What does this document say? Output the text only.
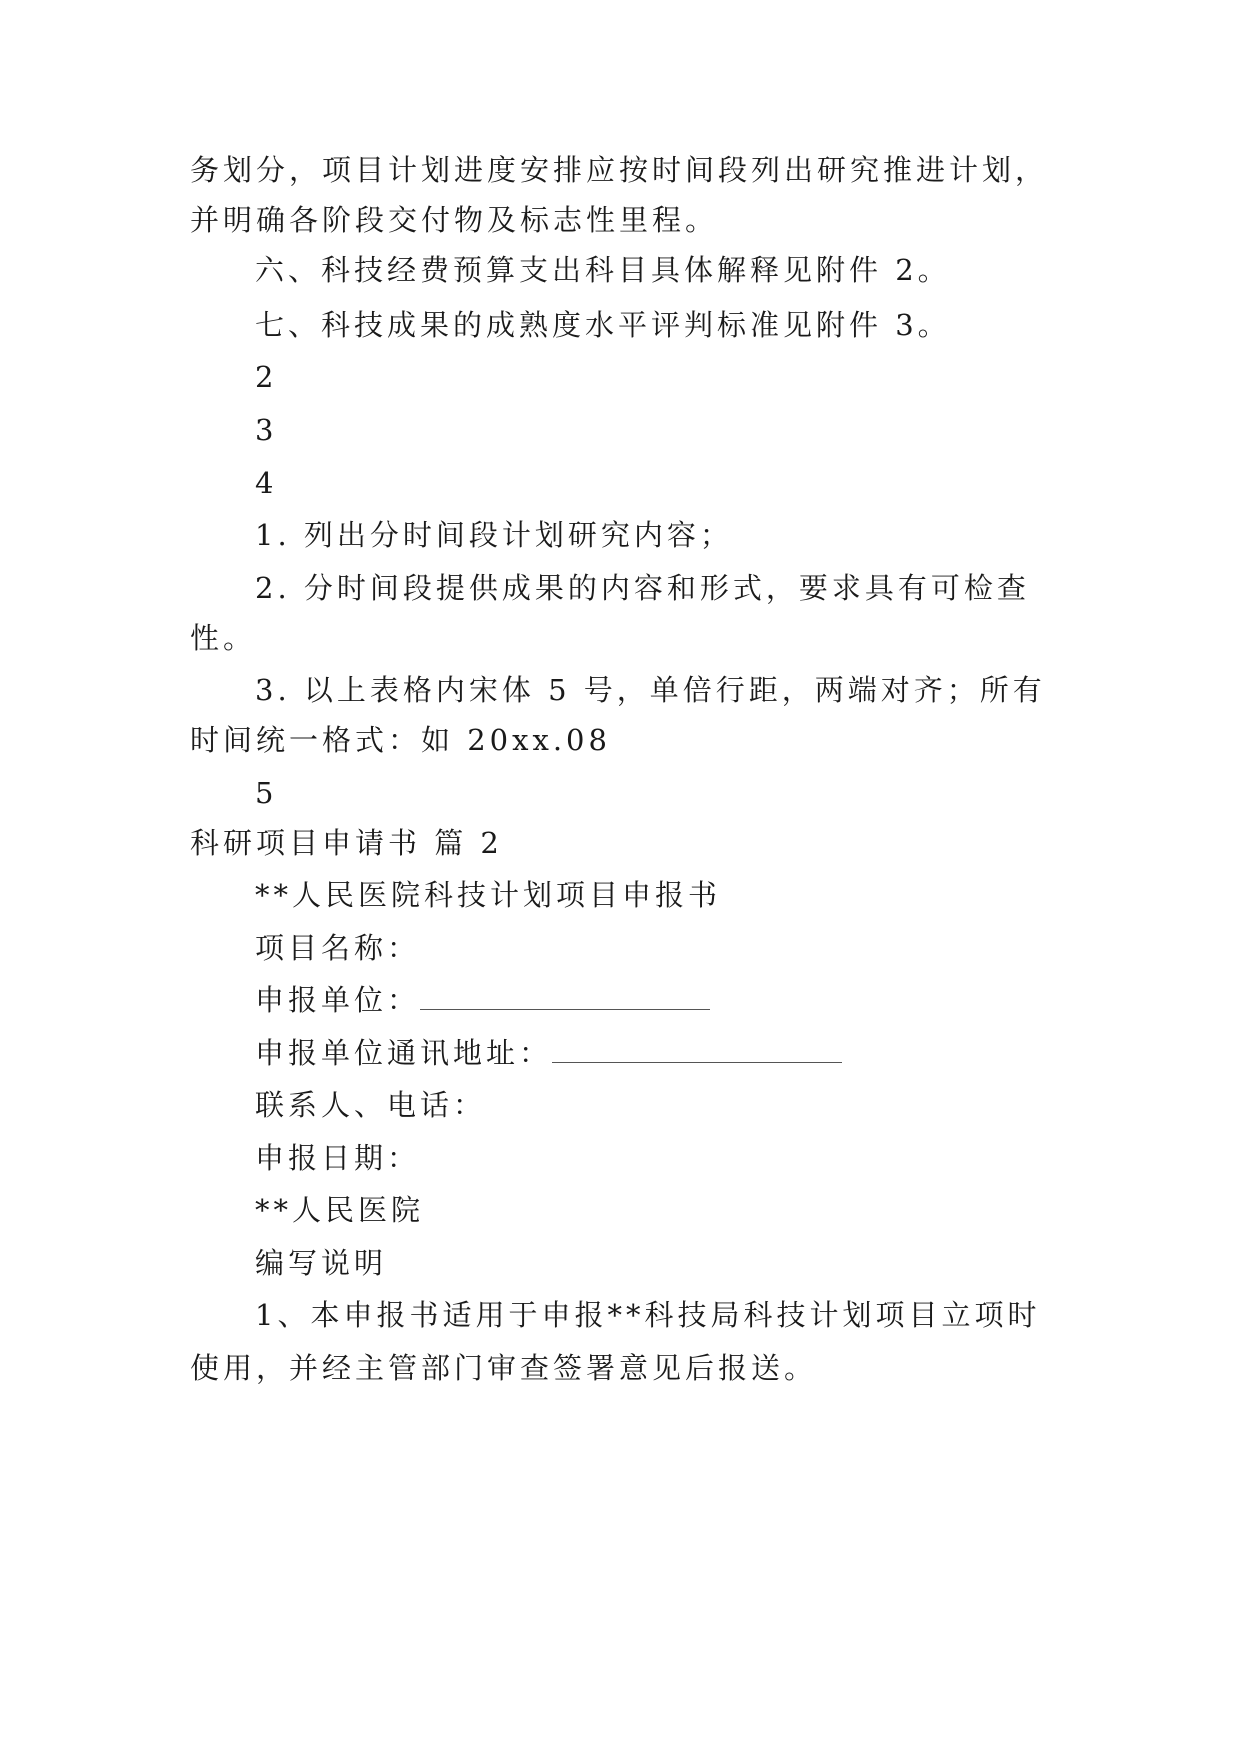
务划分，项目计划进度安排应按时间段列出研究推进计划，
并明确各阶段交付物及标志性里程。
六、科技经费预算支出科目具体解释见附件 2。
七、科技成果的成熟度水平评判标准见附件 3。
2
3
4
1. 列出分时间段计划研究内容；
2. 分时间段提供成果的内容和形式，要求具有可检查
性。
3. 以上表格内宋体 5 号，单倍行距，两端对齐；所有
时间统一格式：如 20xx.08
5
科研项目申请书 篇 2
**人民医院科技计划项目申报书
项目名称：
申报单位：
申报单位通讯地址：
联系人、电话：
申报日期：
**人民医院
编写说明
1、本申报书适用于申报**科技局科技计划项目立项时
使用，并经主管部门审查签署意见后报送。
